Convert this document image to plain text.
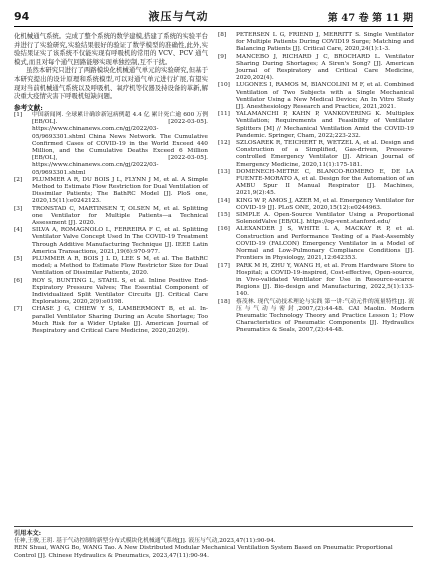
94	液压与气动	第 47 卷 第 11 期

化机械通气系统。完成了整个系统的数学建模,搭建了系统的实验平台并进行了实验研究,实验结果很好的验证了数学模型的准确性,此外,实验结果证实了该系统不仅能实现有呼吸机的常用的 VCV、PCV 通气模式,而且对每个通气回路能够实现单独控制,互不干扰。

虽然本研究只进行了两路模块化机械通气单元的实验研究,但基于本研究提出的设计原理和系统模型,可以对通气单元进行扩展,有望实现对当前机械通气系统以及呼吸机、氧疗机等仪器及持设备的革新,解决重大疫情灾害下呼吸机短缺问题。

参考文献:
[1]	中国新闻网. 全球累计确诊新冠病例超 4.4 亿 累计死亡逾 600 万例 [EB/OL]. [2022-03-05]. https://www.chinanews.com.cn/gj/2022/03-05/9693301.shtml China News Network. The Cumulative Confirmed Cases of COVID-19 in the World Exceed 440 Million, and the Cumulative Deaths Exceed 6 Million [EB/OL], [2022-03-05]. https://www.chinanews.com.cn/gj/2022/03-05/9693301.shtml
[2]	PLUMMER A R, DU BOIS J L, FLYNN J M, et al. A Simple Method to Estimate Flow Restriction for Dual Ventilation of Dissimilar Patients; The BathRC Model [J]. PloS one, 2020,15(11):e0242123.
[3]	TRONSTAD C, MARTINSEN T, OLSEN M, et al. Splitting one Ventilator for Multiple Patients—a Technical Assessment [J]. 2020.
[4]	SILVA A, ROMAGNOLO L, FERREIRA F C, et al. Splitting Ventilator Valve Concept Used In The COVID-19 Treatment Through Additive Manufacturing Technique [J]. IEEE Latin America Transactions, 2021,19(6):970-977.
[5]	PLUMMER A R, BOIS J L D, LEE S M, et al. The BathRC model; a Method to Estimate Flow Restrictor Size for Dual Ventilation of Dissimilar Patients, 2020.
[6]	ROY S, BUNTING L, STAHL S, et al. Inline Positive End-Expiratory Pressure Valves; The Essential Component of Individualized Split Ventilator Circuits [J]. Critical Care Explorations, 2020,2(9):e0198.
[7]	CHASE J G, CHIEW Y S, LAMBERMONT B, et al. In-parallel Ventilator Sharing During an Acute Shortage; Too Much Risk for a Wider Uptake [J]. American Journal of Respiratory and Critical Care Medicine, 2020,202(9).
[8]	PETERSEN L G, FRIEND J, MERRITT S. Single Ventilator for Multiple Patients During COVID19 Surge; Matching and Balancing Patients [J]. Critical Care, 2020,24(1):1-3.
[9]	MANCEBO J, RICHARD J C, BROCHARD L. Ventilator Sharing During Shortages; A Siren's Song? [J]. American Journal of Respiratory and Critical Care Medicine, 2020,202(4).
[10]	LUGONES I, RAMOS M, BIANCOLINI M F, et al. Combined Ventilation of Two Subjects with a Single Mechanical Ventilator Using a New Medical Device; An In Vitro Study [J]. Anesthesiology Research and Practice, 2021,2021.
[11]	YALAMANCHI P, KAHN P, VANKOVERING K. Multiplex Ventilation; Requirements and Feasibility of Ventilator Splitters [M] // Mechanical Ventilation Amid the COVID-19 Pandemic. Springer, Cham, 2022;223-232.
[12]	SZLOSAREK R, TEICHERT R, WETZEL A, et al. Design and Construction of a Simplified, Gas-driven, Pressure-controlled Emergency Ventilator [J]. African Journal of Emergency Medicine, 2020,11(1):175-181.
[13]	DOMENECH-METRE C, BLANCO-ROMERO E, DE LA FUENTE-MORATO A, et al. Design for the Automation of an AMBU Spur II Manual Respirator [J]. Machines, 2021,9(2):45.
[14]	KING W P, AMOS J, AZER M, et al. Emergency Ventilator for COVID-19 [J]. PLoS ONE, 2020,15(12):e0244963.
[15]	SIMPLE A. Open-Source Ventilator Using a Proportional SolenoidValve [EB/OL]. https://op-vent.stanford.edu/
[16]	ALEXANDER J S, WHITE L A, MACKAY R P, et al. Construction and Performance Testing of a Fast-Assembly COVID-19 (FALCON) Emergency Ventilator in a Model of Normal and Low-Pulmonary Compliance Conditions [J]. Frontiers in Physiology, 2021,12:642353.
[17]	PARK M H, ZHU Y, WANG H, et al. From Hardware Store to Hospital; a COVID-19-inspired, Cost-effective, Open-source, in Vivo-validated Ventilator for Use in Resource-scarce Regions [J]. Bio-design and Manufacturing, 2022,5(1):133-140.
[18]	蔡茂林. 现代气动技术理论与实践 第一讲:气动元件的流量特性[J]. 液压与气动与密封,2007,(2):44-48. CAI Maolin. Modern Pneumatic Technology Theory and Practice Lesson 1; Flow Characteristics of Pneumatic Components [J]. Hydraulics Pneumatics & Seals, 2007,(2):44-48.
引用本文:
任神,王骏,王玥. 基于气动控制的新型分布式模块化机械通气系统[J]. 液压与气动,2023,47(11):90-94.
REN Shuai, WANG Bo, WANG Tao. A New Distributed Modular Mechanical Ventilation System Based on Pneumatic Proportional Control [J]. Chinese Hydraulics & Pneumatics, 2023,47(11):90-94.
